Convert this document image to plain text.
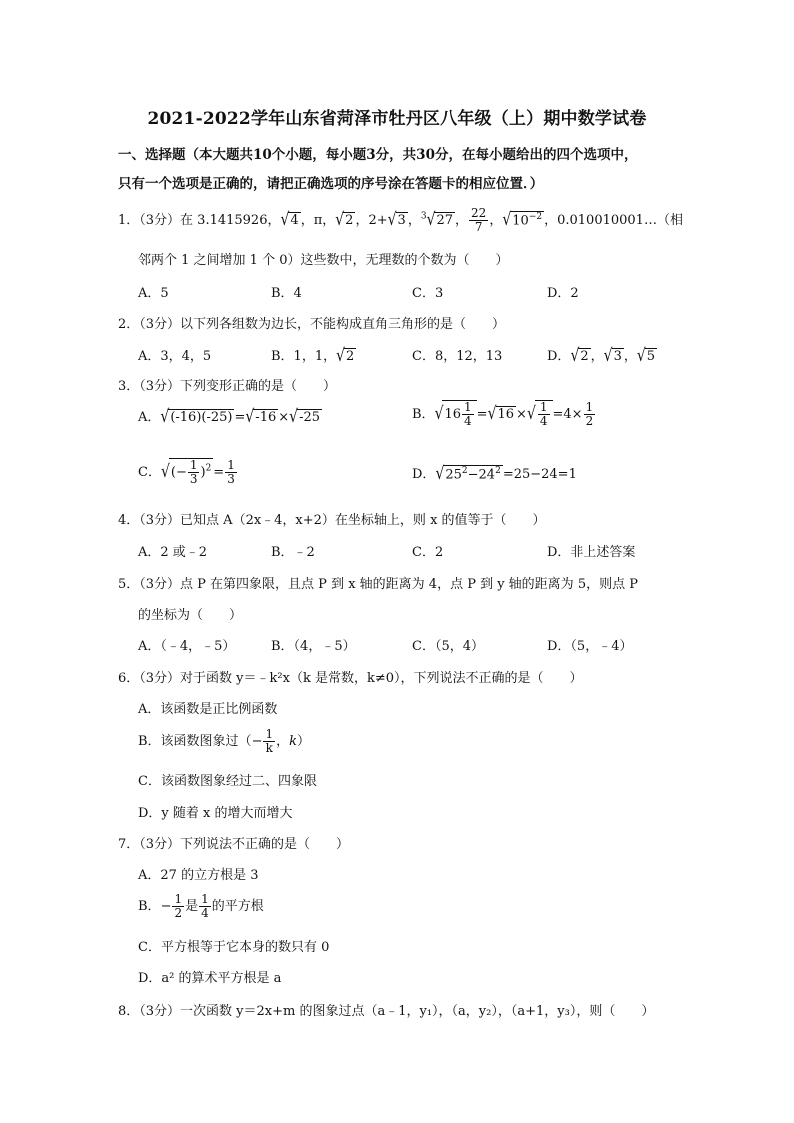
2021-2022学年山东省菏泽市牡丹区八年级（上）期中数学试卷
一、选择题（本大题共10个小题，每小题3分，共30分，在每小题给出的四个选项中，
只有一个选项是正确的，请把正确选项的序号涂在答题卡的相应位置．）
1．（3分）在 3.1415926，√4 ，π，√2 ，2+√3 ，$^3$√27 ， $\frac{22}{7}$ ，$√10^{-2}$ ，0.010010001…（相
邻两个 1 之间增加 1 个 0）这些数中，无理数的个数为（　　）
A．5	B．4	C．3	D．2
2．（3分）以下列各组数为边长，不能构成直角三角形的是（　　）
A．3，4，5	B．1，1，√2	C．8，12，13	D．√2 ，√3 ，√5
3．（3分）下列变形正确的是（　　）
A．√(-16)(-25) =√-16 ×√-25	B．$√16 \frac{1}{4} =√16$ ×√ $\frac{1}{4} =4\times \frac{1}{2}$
C．√(− $\frac{1}{3} )^2 = \frac{1}{3}$	D．$√25^2-24^2 =25-24=1$
4．（3分）已知点 A（2x﹣4，x+2）在坐标轴上，则 x 的值等于（　　）
A．2 或﹣2	B．﹣2	C．2	D．非上述答案
5．（3分）点 P 在第四象限，且点 P 到 x 轴的距离为 4，点 P 到 y 轴的距离为 5，则点 P
的坐标为（　　）
A．（﹣4，﹣5）	B．（4，﹣5）	C．（5，4）	D．（5，﹣4）
6．（3分）对于函数 y＝﹣k²x（k 是常数，k≠0），下列说法不正确的是（　　）
A．该函数是正比例函数
B．该函数图象过（− $\frac{1}{k}$ ，k）
C．该函数图象经过二、四象限
D．y 随着 x 的增大而增大
7．（3分）下列说法不正确的是（　　）
A．27 的立方根是 3
B．− $\frac{1}{2}$ 是 $\frac{1}{4}$ 的平方根
C．平方根等于它本身的数只有 0
D．a² 的算术平方根是 a
8．（3分）一次函数 y＝2x+m 的图象过点（a﹣1，y₁），（a，y₂），（a+1，y₃），则（　　）
